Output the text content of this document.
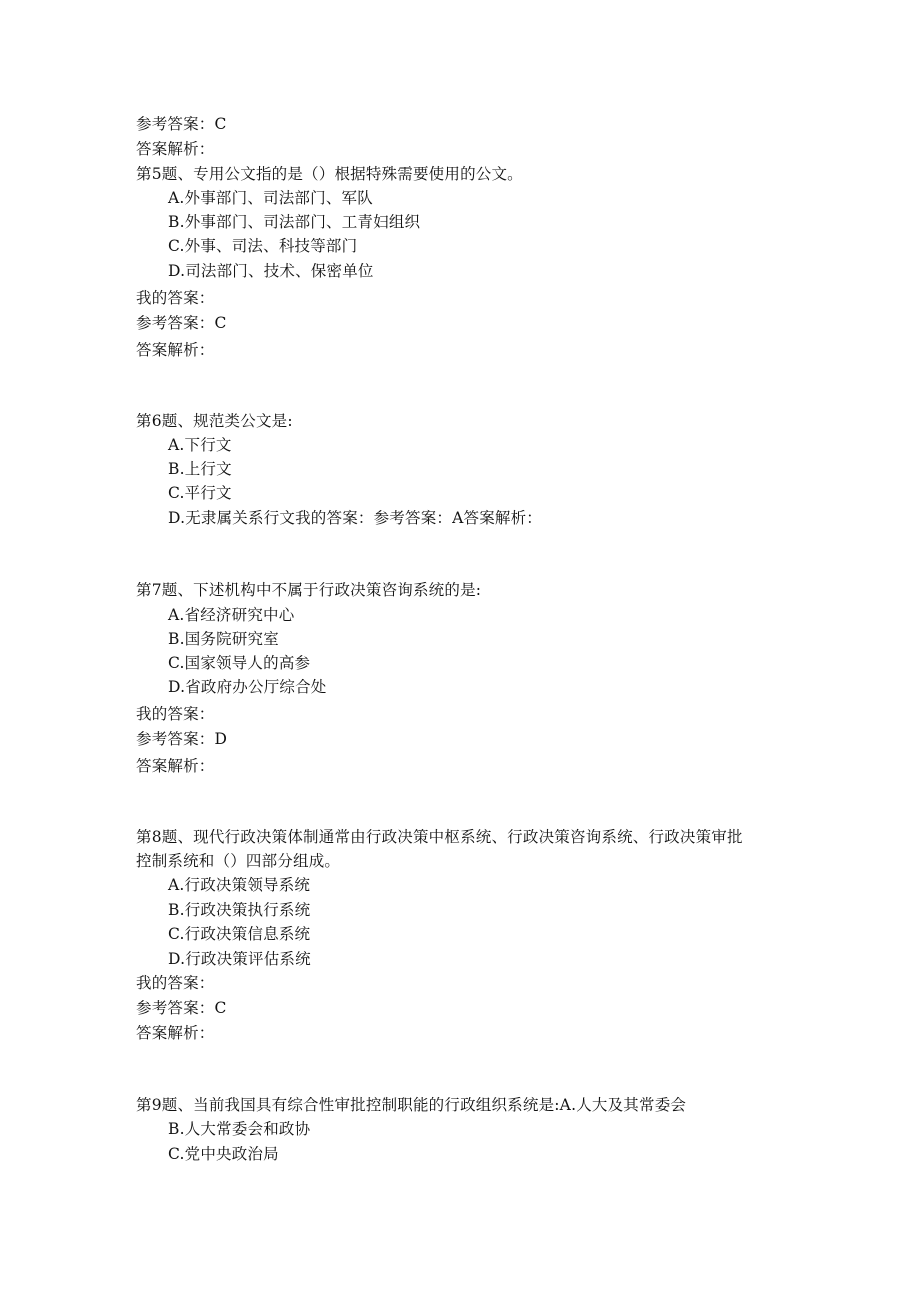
参考答案：C
答案解析：
第5题、专用公文指的是（）根据特殊需要使用的公文。
A.外事部门、司法部门、军队
B.外事部门、司法部门、工青妇组织
C.外事、司法、科技等部门
D.司法部门、技术、保密单位
我的答案：
参考答案：C
答案解析：
第6题、规范类公文是:
A.下行文
B.上行文
C.平行文
D.无隶属关系行文我的答案：参考答案：A答案解析：
第7题、下述机构中不属于行政决策咨询系统的是:
A.省经济研究中心
B.国务院研究室
C.国家领导人的高参
D.省政府办公厅综合处
我的答案：
参考答案：D
答案解析：
第8题、现代行政决策体制通常由行政决策中枢系统、行政决策咨询系统、行政决策审批
控制系统和（）四部分组成。
A.行政决策领导系统
B.行政决策执行系统
C.行政决策信息系统
D.行政决策评估系统
我的答案：
参考答案：C
答案解析：
第9题、当前我国具有综合性审批控制职能的行政组织系统是:A.人大及其常委会
B.人大常委会和政协
C.党中央政治局
